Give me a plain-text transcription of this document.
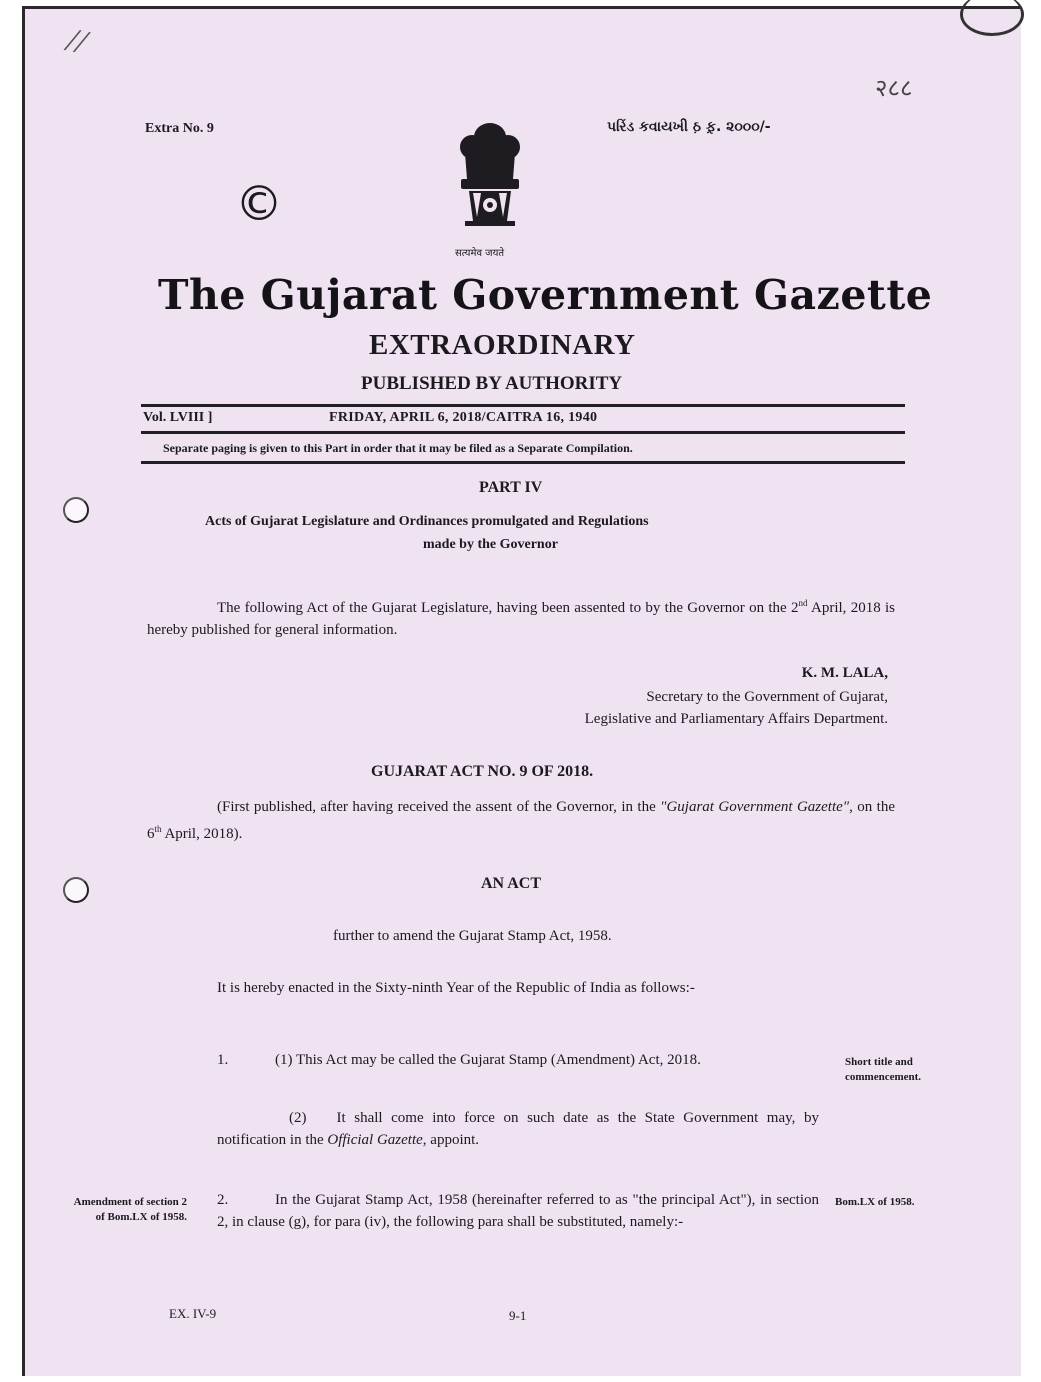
//
२८८
Extra No. 9	પરિંડ કવાયખી ઠ઼ ફ઼. ૨૦૦૦/-
©
सत्यमेव जयते
The Gujarat Government Gazette
EXTRAORDINARY
PUBLISHED BY AUTHORITY
Vol. LVIII ]	FRIDAY, APRIL 6, 2018/CAITRA 16, 1940
Separate paging is given to this Part in order that it may be filed as a Separate Compilation.
PART IV
Acts of Gujarat Legislature and Ordinances promulgated and Regulations
made by the Governor
The following Act of the Gujarat Legislature, having been assented to by the Governor on the 2nd April, 2018 is hereby published for general information.
K. M. LALA,
Secretary to the Government of Gujarat,
Legislative and Parliamentary Affairs Department.
GUJARAT ACT NO. 9 OF 2018.
(First published, after having received the assent of the Governor, in the "Gujarat Government Gazette", on the 6th April, 2018).
AN ACT
further to amend the Gujarat Stamp Act, 1958.
It is hereby enacted in the Sixty-ninth Year of the Republic of India as follows:-
1.	(1) This Act may be called the Gujarat Stamp (Amendment) Act, 2018.	Short title and commencement.
(2) It shall come into force on such date as the State Government may, by notification in the Official Gazette, appoint.
Amendment of section 2 of Bom.LX of 1958.
2.	In the Gujarat Stamp Act, 1958 (hereinafter referred to as "the principal Act"), in section 2, in clause (g), for para (iv), the following para shall be substituted, namely:-
Bom.LX of 1958.
EX. IV-9	9-1
